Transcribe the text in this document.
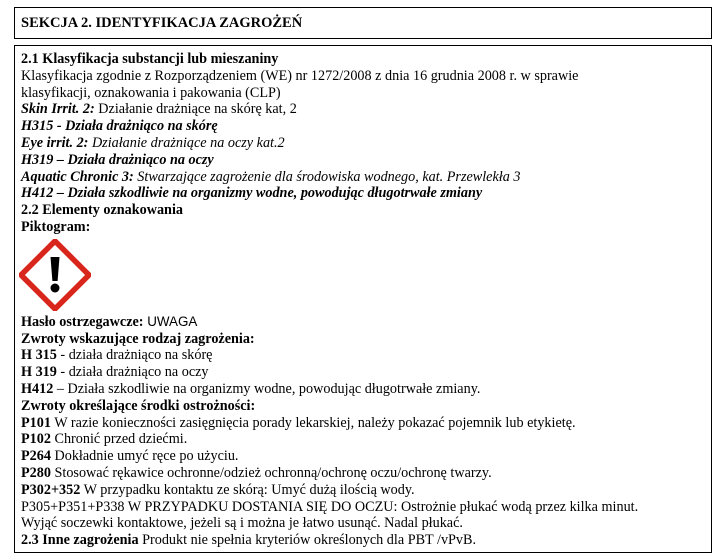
SEKCJA 2. IDENTYFIKACJA ZAGROŻEŃ
2.1 Klasyfikacja substancji lub mieszaniny
Klasyfikacja zgodnie z Rozporządzeniem (WE) nr 1272/2008 z dnia 16 grudnia 2008 r. w sprawie
klasyfikacji, oznakowania i pakowania (CLP)
Skin Irrit. 2: Działanie drażniące na skórę kat, 2
H315 - Działa drażniąco na skórę
Eye irrit. 2: Działanie drażniące na oczy kat.2
H319 – Działa drażniąco na oczy
Aquatic Chronic 3: Stwarzające zagrożenie dla środowiska wodnego, kat. Przewlekła 3
H412 – Działa szkodliwie na organizmy wodne, powodując długotrwałe zmiany
2.2 Elementy oznakowania
Piktogram:
Hasło ostrzegawcze: UWAGA
Zwroty wskazujące rodzaj zagrożenia:
H 315 - działa drażniąco na skórę
H 319 - działa drażniąco na oczy
H412 – Działa szkodliwie na organizmy wodne, powodując długotrwałe zmiany.
Zwroty określające środki ostrożności:
P101 W razie konieczności zasięgnięcia porady lekarskiej, należy pokazać pojemnik lub etykietę.
P102 Chronić przed dziećmi.
P264 Dokładnie umyć ręce po użyciu.
P280 Stosować rękawice ochronne/odzież ochronną/ochronę oczu/ochronę twarzy.
P302+352 W przypadku kontaktu ze skórą: Umyć dużą ilością wody.
P305+P351+P338 W PRZYPADKU DOSTANIA SIĘ DO OCZU: Ostrożnie płukać wodą przez kilka minut.
Wyjąć soczewki kontaktowe, jeżeli są i można je łatwo usunąć. Nadal płukać.
2.3 Inne zagrożenia Produkt nie spełnia kryteriów określonych dla PBT /vPvB.
